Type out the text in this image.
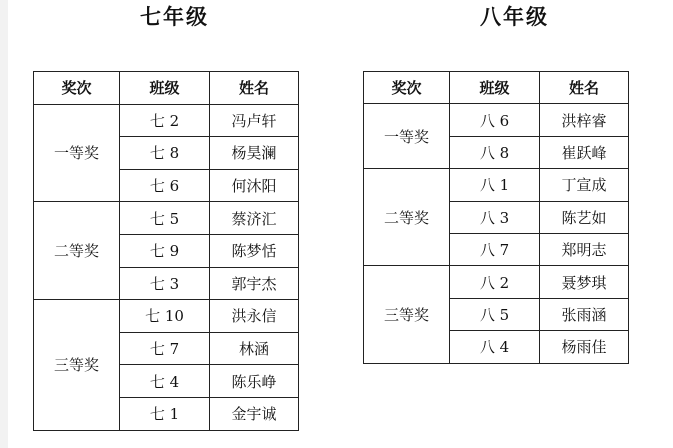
七年级	八年级
奖次	班级	姓名
一等奖	七 2	冯卢轩
	七 8	杨昊澜
	七 6	何沐阳
二等奖	七 5	蔡济汇
	七 9	陈梦恬
	七 3	郭宇杰
三等奖	七 10	洪永信
	七 7	林涵
	七 4	陈乐峥
	七 1	金宇诚
奖次	班级	姓名
一等奖	八 6	洪梓睿
	八 8	崔跃峰
二等奖	八 1	丁宣成
	八 3	陈艺如
	八 7	郑明志
三等奖	八 2	聂梦琪
	八 5	张雨涵
	八 4	杨雨佳
